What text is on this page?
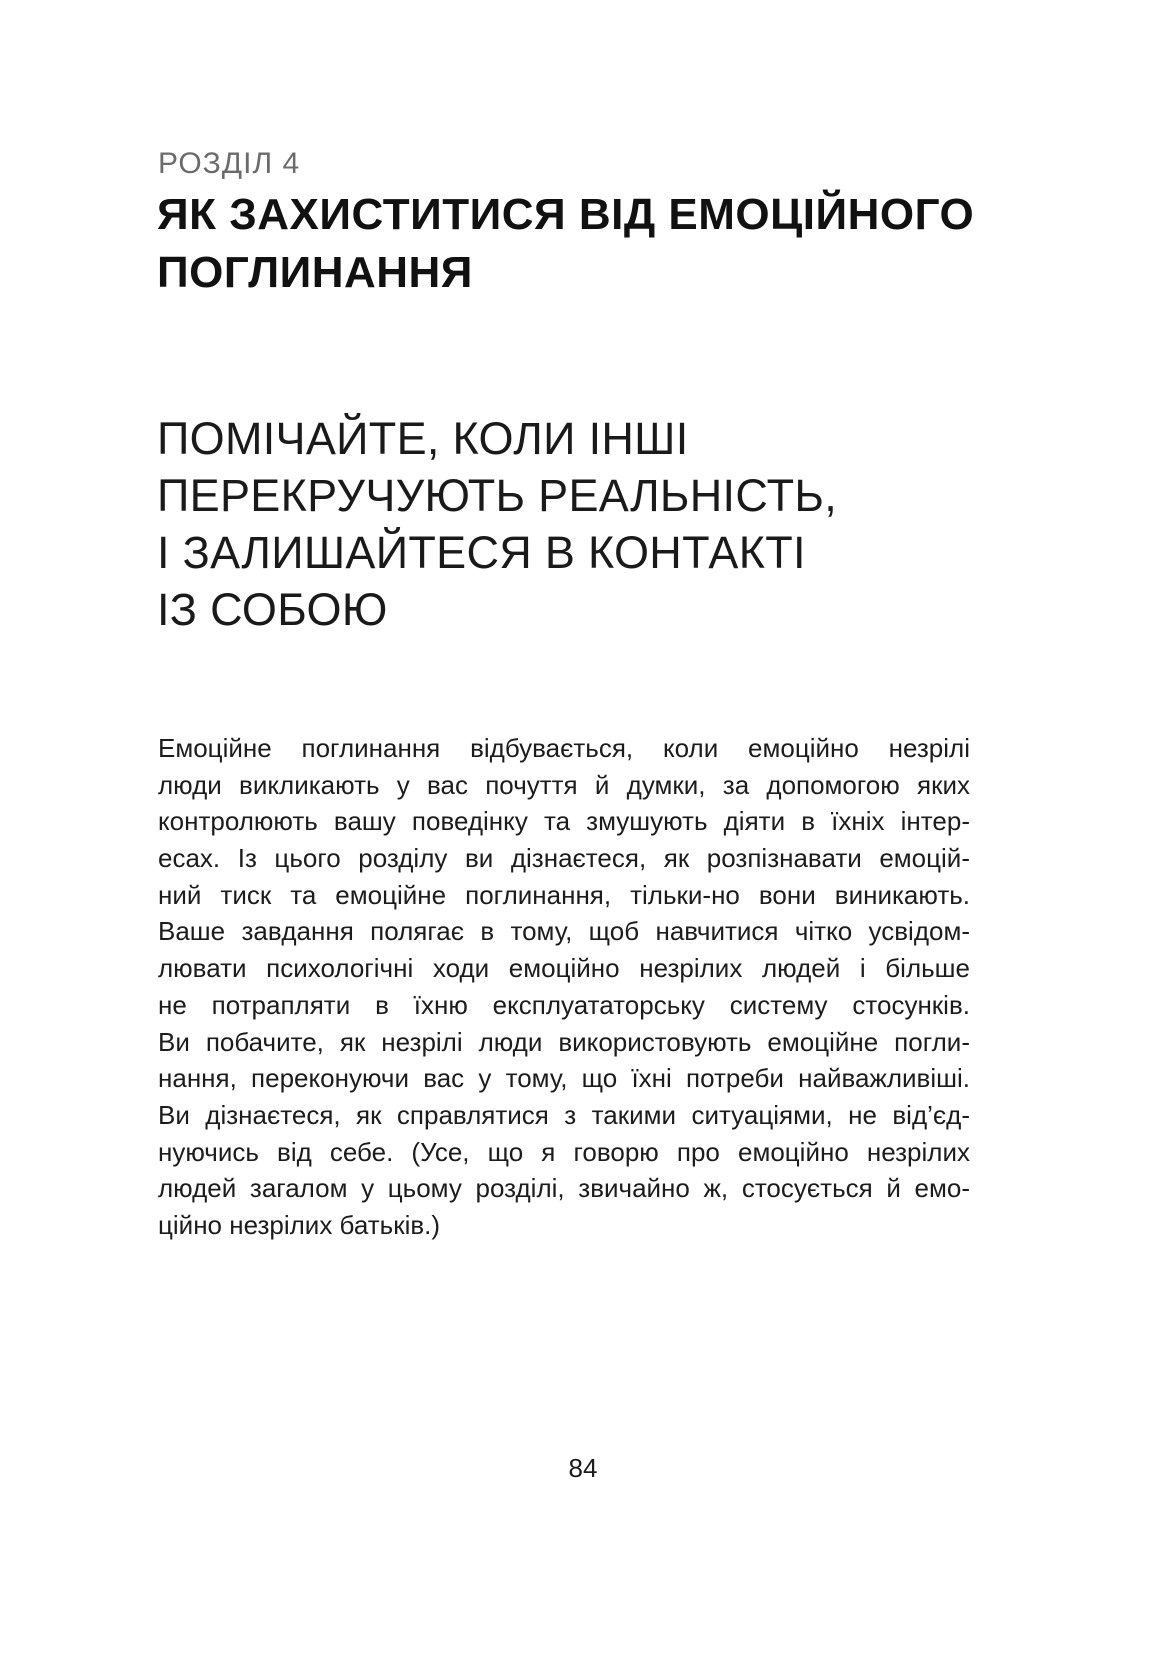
РОЗДІЛ 4
ЯК ЗАХИСТИТИСЯ ВІД ЕМОЦІЙНОГО
ПОГЛИНАННЯ
ПОМІЧАЙТЕ, КОЛИ ІНШІ
ПЕРЕКРУЧУЮТЬ РЕАЛЬНІСТЬ,
І ЗАЛИШАЙТЕСЯ В КОНТАКТІ
ІЗ СОБОЮ
Емоційне поглинання відбувається, коли емоційно незрілі
люди викликають у вас почуття й думки, за допомогою яких
контролюють вашу поведінку та змушують діяти в їхніх інтер-
есах. Із цього розділу ви дізнаєтеся, як розпізнавати емоцій-
ний тиск та емоційне поглинання, тільки-но вони виникають.
Ваше завдання полягає в тому, щоб навчитися чітко усвідом-
лювати психологічні ходи емоційно незрілих людей і більше
не потрапляти в їхню експлуататорську систему стосунків.
Ви побачите, як незрілі люди використовують емоційне погли-
нання, переконуючи вас у тому, що їхні потреби найважливіші.
Ви дізнаєтеся, як справлятися з такими ситуаціями, не від’єд-
нуючись від себе. (Усе, що я говорю про емоційно незрілих
людей загалом у цьому розділі, звичайно ж, стосується й емо-
ційно незрілих батьків.)
84
